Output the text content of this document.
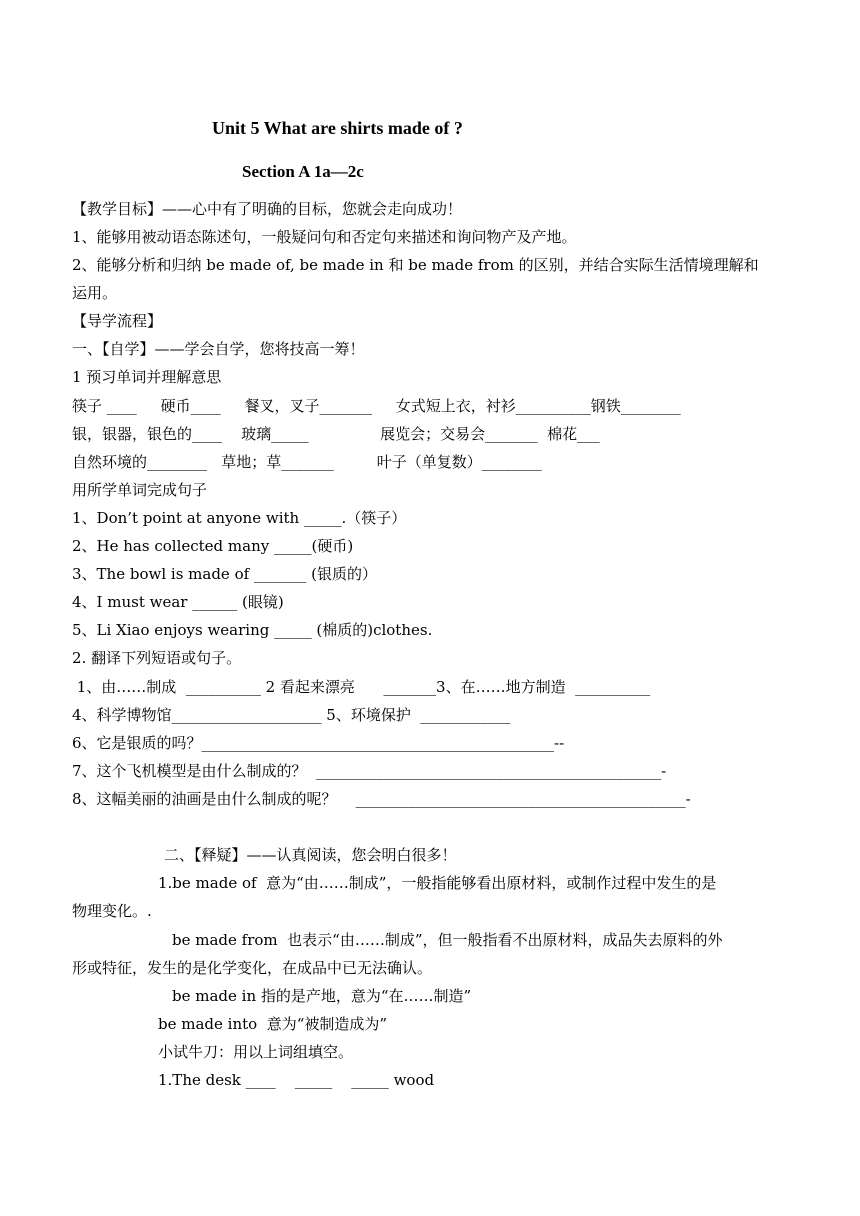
Unit 5 What are shirts made of ?
Section A 1a—2c
【教学目标】——心中有了明确的目标，您就会走向成功！
1、能够用被动语态陈述句，一般疑问句和否定句来描述和询问物产及产地。
2、能够分析和归纳 be made of, be made in 和 be made from 的区别，并结合实际生活情境理解和
运用。
【导学流程】
一、【自学】——学会自学，您将技高一筹！
1 预习单词并理解意思
筷子 ____     硬币____     餐叉，叉子_______     女式短上衣，衬衫__________钢铁________
银，银器，银色的____    玻璃_____               展览会；交易会_______  棉花___
自然环境的________   草地；草_______         叶子（单复数）________
用所学单词完成句子
1、Don’t point at anyone with _____.（筷子）
2、He has collected many _____(硬币)
3、The bowl is made of _______ (银质的）
4、I must wear ______ (眼镜)
5、Li Xiao enjoys wearing _____ (棉质的)clothes.
2. 翻译下列短语或句子。
1、由……制成  __________ 2 看起来漂亮      _______3、在……地方制造  __________
4、科学博物馆____________________ 5、环境保护  ____________
6、它是银质的吗？_______________________________________________--
7、这个飞机模型是由什么制成的？  ______________________________________________-
8、这幅美丽的油画是由什么制成的呢？    ____________________________________________-
二、【释疑】——认真阅读，您会明白很多！
1.be made of  意为“由……制成”，一般指能够看出原材料，或制作过程中发生的是
物理变化。.
be made from  也表示“由……制成”，但一般指看不出原材料，成品失去原料的外
形或特征，发生的是化学变化，在成品中已无法确认。
be made in 指的是产地，意为“在……制造”
be made into  意为“被制造成为”
小试牛刀：用以上词组填空。
1.The desk ____    _____    _____ wood
